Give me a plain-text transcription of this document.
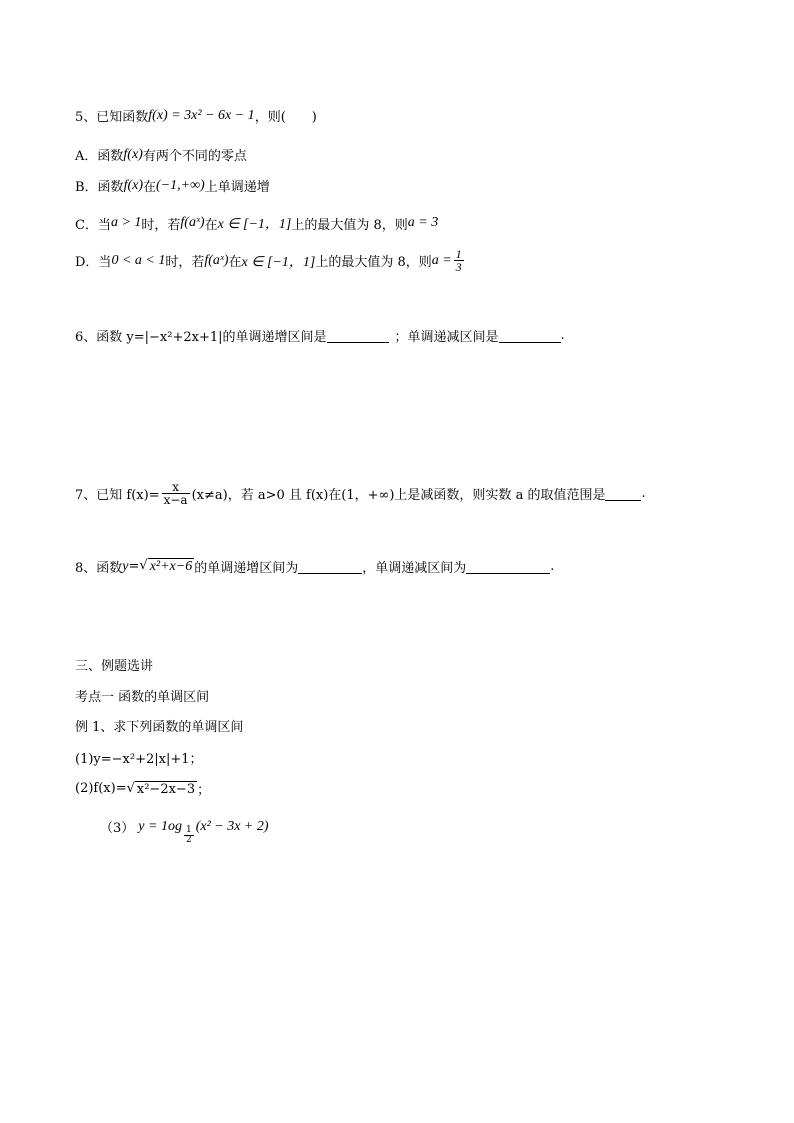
5、已知函数 f(x) = 3x² − 6x − 1 ，则(　　)
A．函数 f(x) 有两个不同的零点
B．函数 f(x) 在 (−1,+∞) 上单调递增
C．当 a > 1 时，若 f(aˣ) 在 x ∈ [−1，1] 上的最大值为 8，则 a = 3
D．当 0 < a < 1 时，若 f(aˣ) 在 x ∈ [−1，1] 上的最大值为 8，则 $a = \frac{1}{3}$
6、函数 y=|−x²+2x+1|的单调递增区间是	；单调递减区间是	.
7、已知 $f(x)= \frac{x}{x-a} (x\ne a)$，若 a>0 且 f(x)在(1，+∞)上是减函数，则实数 a 的取值范围是	.
8、函数 y = √ x²+x−6 的单调递增区间为	，单调递减区间为	.
三、例题选讲
考点一 函数的单调区间
例 1、求下列函数的单调区间
(1)y=−x²+2|x|+1；
(2)f(x)= √ x²−2x−3 ；
（3） $y = 1og \frac{1}{2} (x^2 - 3x + 2)$
